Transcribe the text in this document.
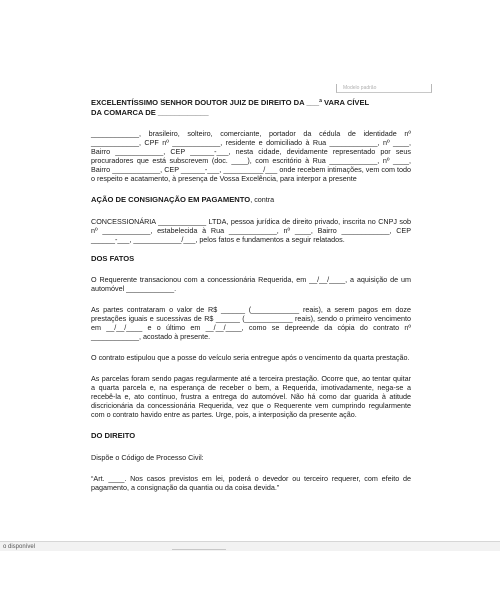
Modelo padrão

EXCELENTÍSSIMO SENHOR DOUTOR JUIZ DE DIREITO DA ___ª VARA CÍVEL

DA COMARCA DE ____________

____________, brasileiro, solteiro, comerciante, portador da cédula de identidade nº ____________, CPF nº ____________, residente e domiciliado à Rua ____________, nº ____, Bairro ____________, CEP ______-___, nesta cidade, devidamente representado por seus procuradores que está subscrevem (doc. ____), com escritório à Rua ____________, nº ____, Bairro ____________, CEP ______-___, __________/___ onde recebem intimações, vem com todo o respeito e acatamento, à presença de Vossa Excelência, para interpor a presente

AÇÃO DE CONSIGNAÇÃO EM PAGAMENTO, contra

CONCESSIONÁRIA ____________ LTDA, pessoa jurídica de direito privado, inscrita no CNPJ sob nº ____________, estabelecida à Rua ____________, nº ____, Bairro ____________, CEP ______-___, ____________/___, pelos fatos e fundamentos a seguir relatados.

DOS FATOS

O Requerente transacionou com a concessionária Requerida, em __/__/____, a aquisição de um automóvel ____________.

As partes contrataram o valor de R$ ______ (____________ reais), a serem pagos em doze prestações iguais e sucessivas de R$ ______ (____________ reais), sendo o primeiro vencimento em __/__/____ e o último em __/__/____, como se depreende da cópia do contrato nº ____________, acostado à presente.

O contrato estipulou que a posse do veículo seria entregue após o vencimento da quarta prestação.

As parcelas foram sendo pagas regularmente até a terceira prestação. Ocorre que, ao tentar quitar a quarta parcela e, na esperança de receber o bem, a Requerida, imotivadamente, nega-se a recebê-la e, ato contínuo, frustra a entrega do automóvel. Não há como dar guarida à atitude discricionária da concessionária Requerida, vez que o Requerente vem cumprindo regularmente com o contrato havido entre as partes. Urge, pois, a interposição da presente ação.

DO DIREITO

Dispõe o Código de Processo Civil:

“Art. ____. Nos casos previstos em lei, poderá o devedor ou terceiro requerer, com efeito de pagamento, a consignação da quantia ou da coisa devida.”

o disponível
